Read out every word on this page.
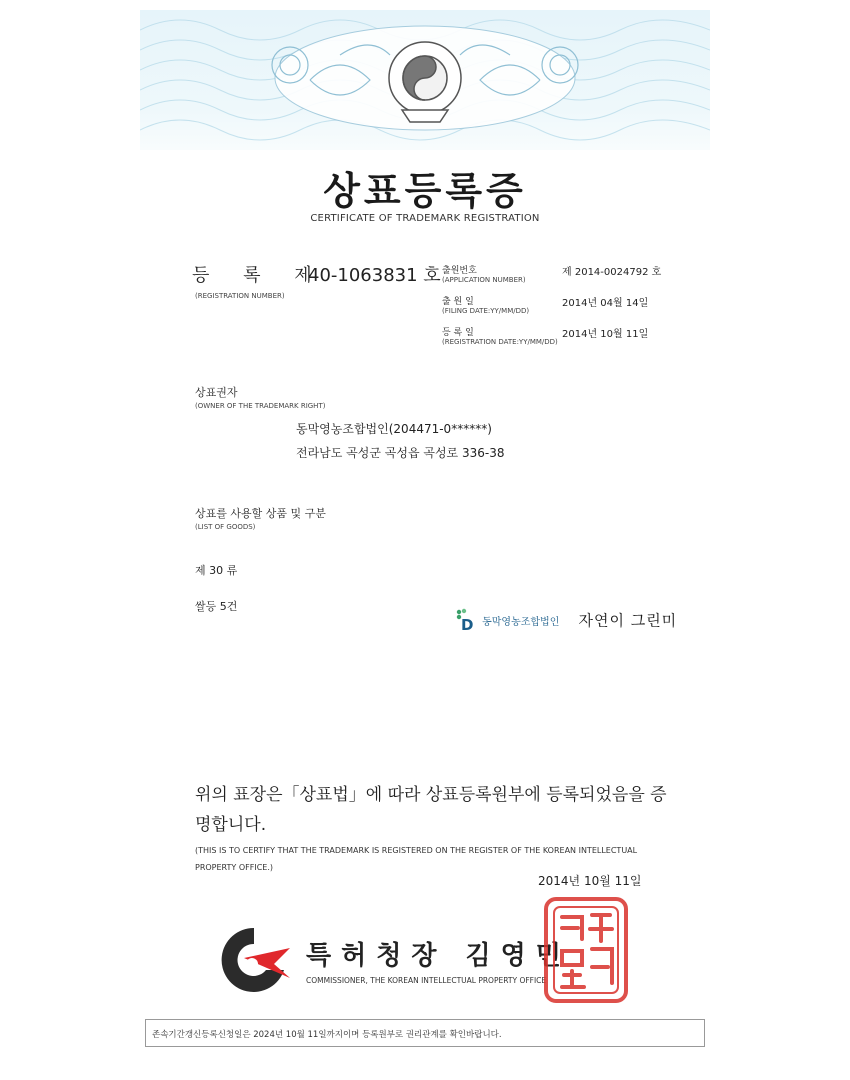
상표등록증
CERTIFICATE OF TRADEMARK REGISTRATION
등 록 제
40-1063831 호
(REGISTRATION NUMBER)
출원번호
(APPLICATION NUMBER)
제 2014-0024792 호
출 원 일
(FILING DATE:YY/MM/DD)
2014년 04월 14일
등 록 일
(REGISTRATION DATE:YY/MM/DD)
2014년 10월 11일
상표권자
(OWNER OF THE TRADEMARK RIGHT)
동막영농조합법인(204471-0******)
전라남도 곡성군 곡성읍 곡성로 336-38
상표를 사용할 상품 및 구분
(LIST OF GOODS)
제 30 류
쌀등 5건
D 동막영농조합법인 자연이 그린미
위의 표장은「상표법」에 따라 상표등록원부에 등록되었음을 증명합니다.
(THIS IS TO CERTIFY THAT THE TRADEMARK IS REGISTERED ON THE REGISTER OF THE KOREAN INTELLECTUAL PROPERTY OFFICE.)
2014년 10월 11일
특허청장 김영민
COMMISSIONER, THE KOREAN INTELLECTUAL PROPERTY OFFICE
존속기간갱신등록신청일은 2024년 10월 11일까지이며 등록원부로 권리관계를 확인바랍니다.
